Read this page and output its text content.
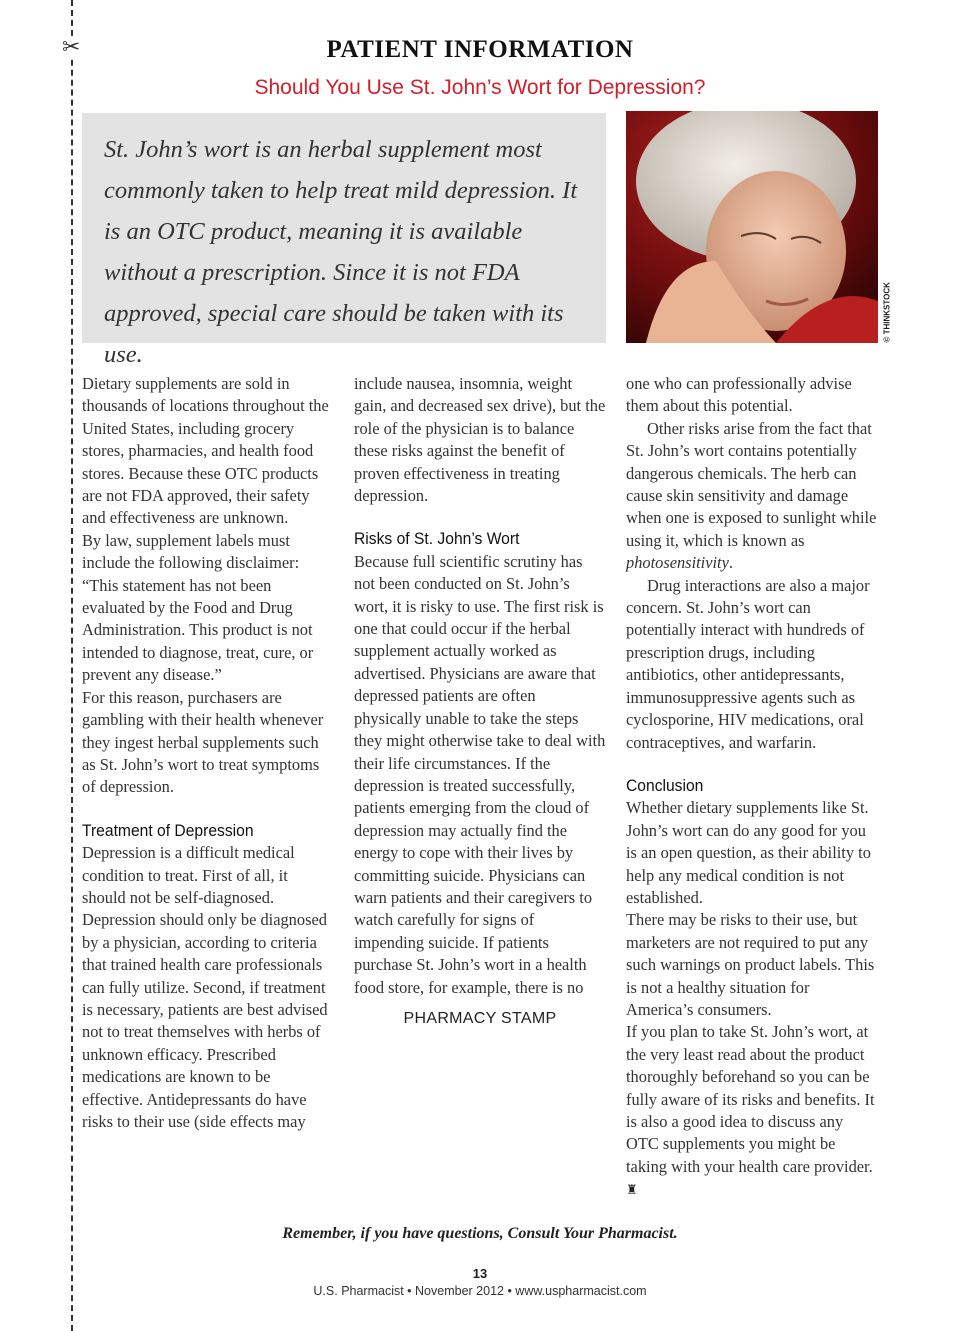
✂	PATIENT INFORMATION
Should You Use St. John’s Wort for Depression?
St. John’s wort is an herbal supplement most commonly taken to help treat mild depression. It is an OTC product, meaning it is available without a prescription. Since it is not FDA approved, special care should be taken with its use.
© THINKSTOCK

Dietary supplements are sold in thousands of locations throughout the United States, including grocery stores, pharmacies, and health food stores. Because these OTC products are not FDA approved, their safety and effectiveness are unknown.

By law, supplement labels must include the following disclaimer: “This statement has not been evaluated by the Food and Drug Administration. This product is not intended to diagnose, treat, cure, or prevent any disease.”

For this reason, purchasers are gambling with their health whenever they ingest herbal supplements such as St. John’s wort to treat symptoms of depression.

Treatment of Depression

Depression is a difficult medical condition to treat. First of all, it should not be self-diagnosed. Depression should only be diagnosed by a physician, according to criteria that trained health care professionals can fully utilize. Second, if treatment is necessary, patients are best advised not to treat themselves with herbs of unknown efficacy. Prescribed medications are known to be effective. Antidepressants do have risks to their use (side effects may

include nausea, insomnia, weight gain, and decreased sex drive), but the role of the physician is to balance these risks against the benefit of proven effectiveness in treating depression.

Risks of St. John’s Wort

Because full scientific scrutiny has not been conducted on St. John’s wort, it is risky to use. The first risk is one that could occur if the herbal supplement actually worked as advertised. Physicians are aware that depressed patients are often physically unable to take the steps they might otherwise take to deal with their life circumstances. If the depression is treated successfully, patients emerging from the cloud of depression may actually find the energy to cope with their lives by committing suicide. Physicians can warn patients and their caregivers to watch carefully for signs of impending suicide. If patients purchase St. John’s wort in a health food store, for example, there is no

PHARMACY STAMP

one who can professionally advise them about this potential.

Other risks arise from the fact that St. John’s wort contains potentially dangerous chemicals. The herb can cause skin sensitivity and damage when one is exposed to sunlight while using it, which is known as photosensitivity.

Drug interactions are also a major concern. St. John’s wort can potentially interact with hundreds of prescription drugs, including antibiotics, other antidepressants, immunosuppressive agents such as cyclosporine, HIV medications, oral contraceptives, and warfarin.

Conclusion

Whether dietary supplements like St. John’s wort can do any good for you is an open question, as their ability to help any medical condition is not established.

There may be risks to their use, but marketers are not required to put any such warnings on product labels. This is not a healthy situation for America’s consumers.

If you plan to take St. John’s wort, at the very least read about the product thoroughly beforehand so you can be fully aware of its risks and benefits. It is also a good idea to discuss any OTC supplements you might be taking with your health care provider. ♜

Remember, if you have questions, Consult Your Pharmacist.
13
U.S. Pharmacist • November 2012 • www.uspharmacist.com
